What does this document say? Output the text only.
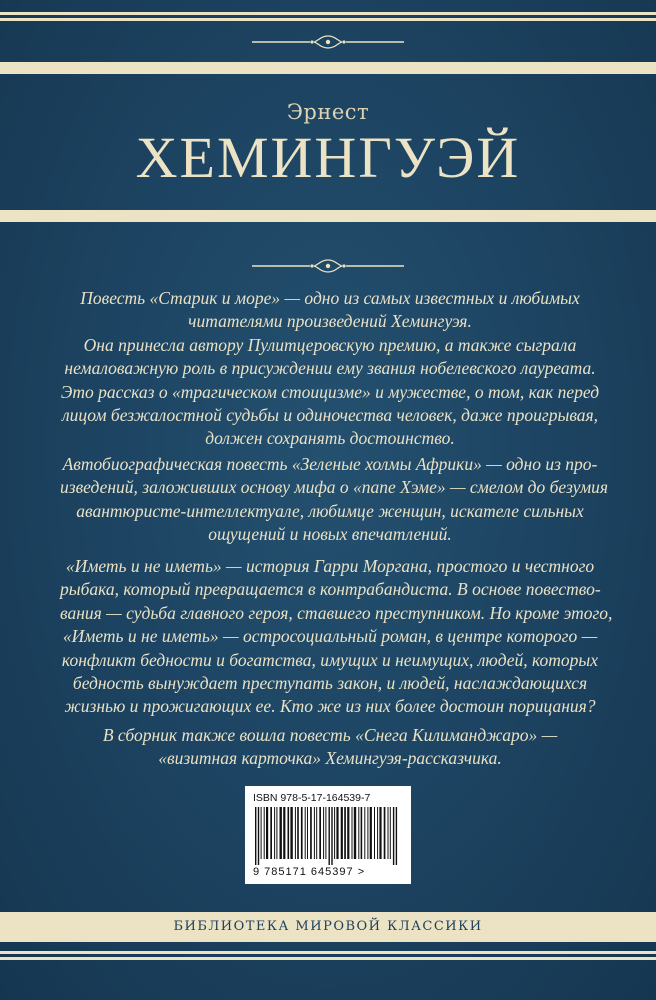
Эрнест
ХЕМИНГУЭЙ

Повесть «Старик и море» — одно из самых известных и любимых
читателями произведений Хемингуэя.
Она принесла автору Пулитцеровскую премию, а также сыграла
немаловажную роль в присуждении ему звания нобелевского лауреата.
Это рассказ о «трагическом стоицизме» и мужестве, о том, как перед
лицом безжалостной судьбы и одиночества человек, даже проигрывая,
должен сохранять достоинство.

Автобиографическая повесть «Зеленые холмы Африки» — одно из про-
изведений, заложивших основу мифа о «папе Хэме» — смелом до безумия
авантюристе-интеллектуале, любимце женщин, искателе сильных
ощущений и новых впечатлений.

«Иметь и не иметь» — история Гарри Моргана, простого и честного
рыбака, который превращается в контрабандиста. В основе повество-
вания — судьба главного героя, ставшего преступником. Но кроме этого,
«Иметь и не иметь» — остросоциальный роман, в центре которого —
конфликт бедности и богатства, имущих и неимущих, людей, которых
бедность вынуждает преступать закон, и людей, наслаждающихся
жизнью и прожигающих ее. Кто же из них более достоин порицания?

В сборник также вошла повесть «Снега Килиманджаро» —
«визитная карточка» Хемингуэя-рассказчика.

ISBN 978-5-17-164539-7
9 785171 645397 >
БИБЛИОТЕКА МИРОВОЙ КЛАССИКИ
